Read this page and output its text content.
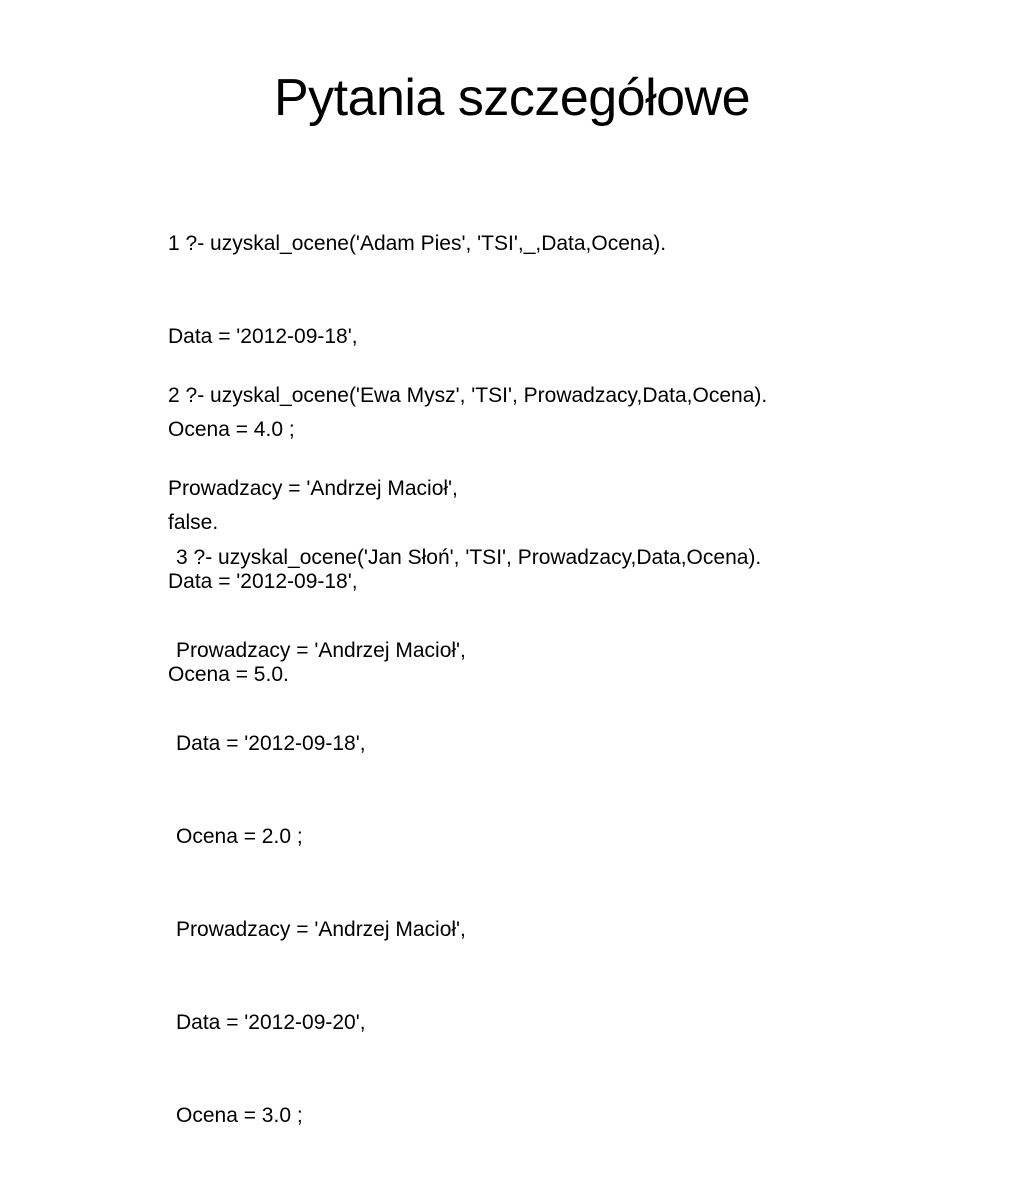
Pytania szczegółowe

1 ?- uzyskal_ocene('Adam Pies', 'TSI',_,Data,Ocena).

Data = '2012-09-18',

Ocena = 4.0 ;

false.

2 ?- uzyskal_ocene('Ewa Mysz', 'TSI', Prowadzacy,Data,Ocena).

Prowadzacy = 'Andrzej Macioł',

Data = '2012-09-18',

Ocena = 5.0.

3 ?- uzyskal_ocene('Jan Słoń', 'TSI', Prowadzacy,Data,Ocena).

Prowadzacy = 'Andrzej Macioł',

Data = '2012-09-18',

Ocena = 2.0 ;

Prowadzacy = 'Andrzej Macioł',

Data = '2012-09-20',

Ocena = 3.0 ;
